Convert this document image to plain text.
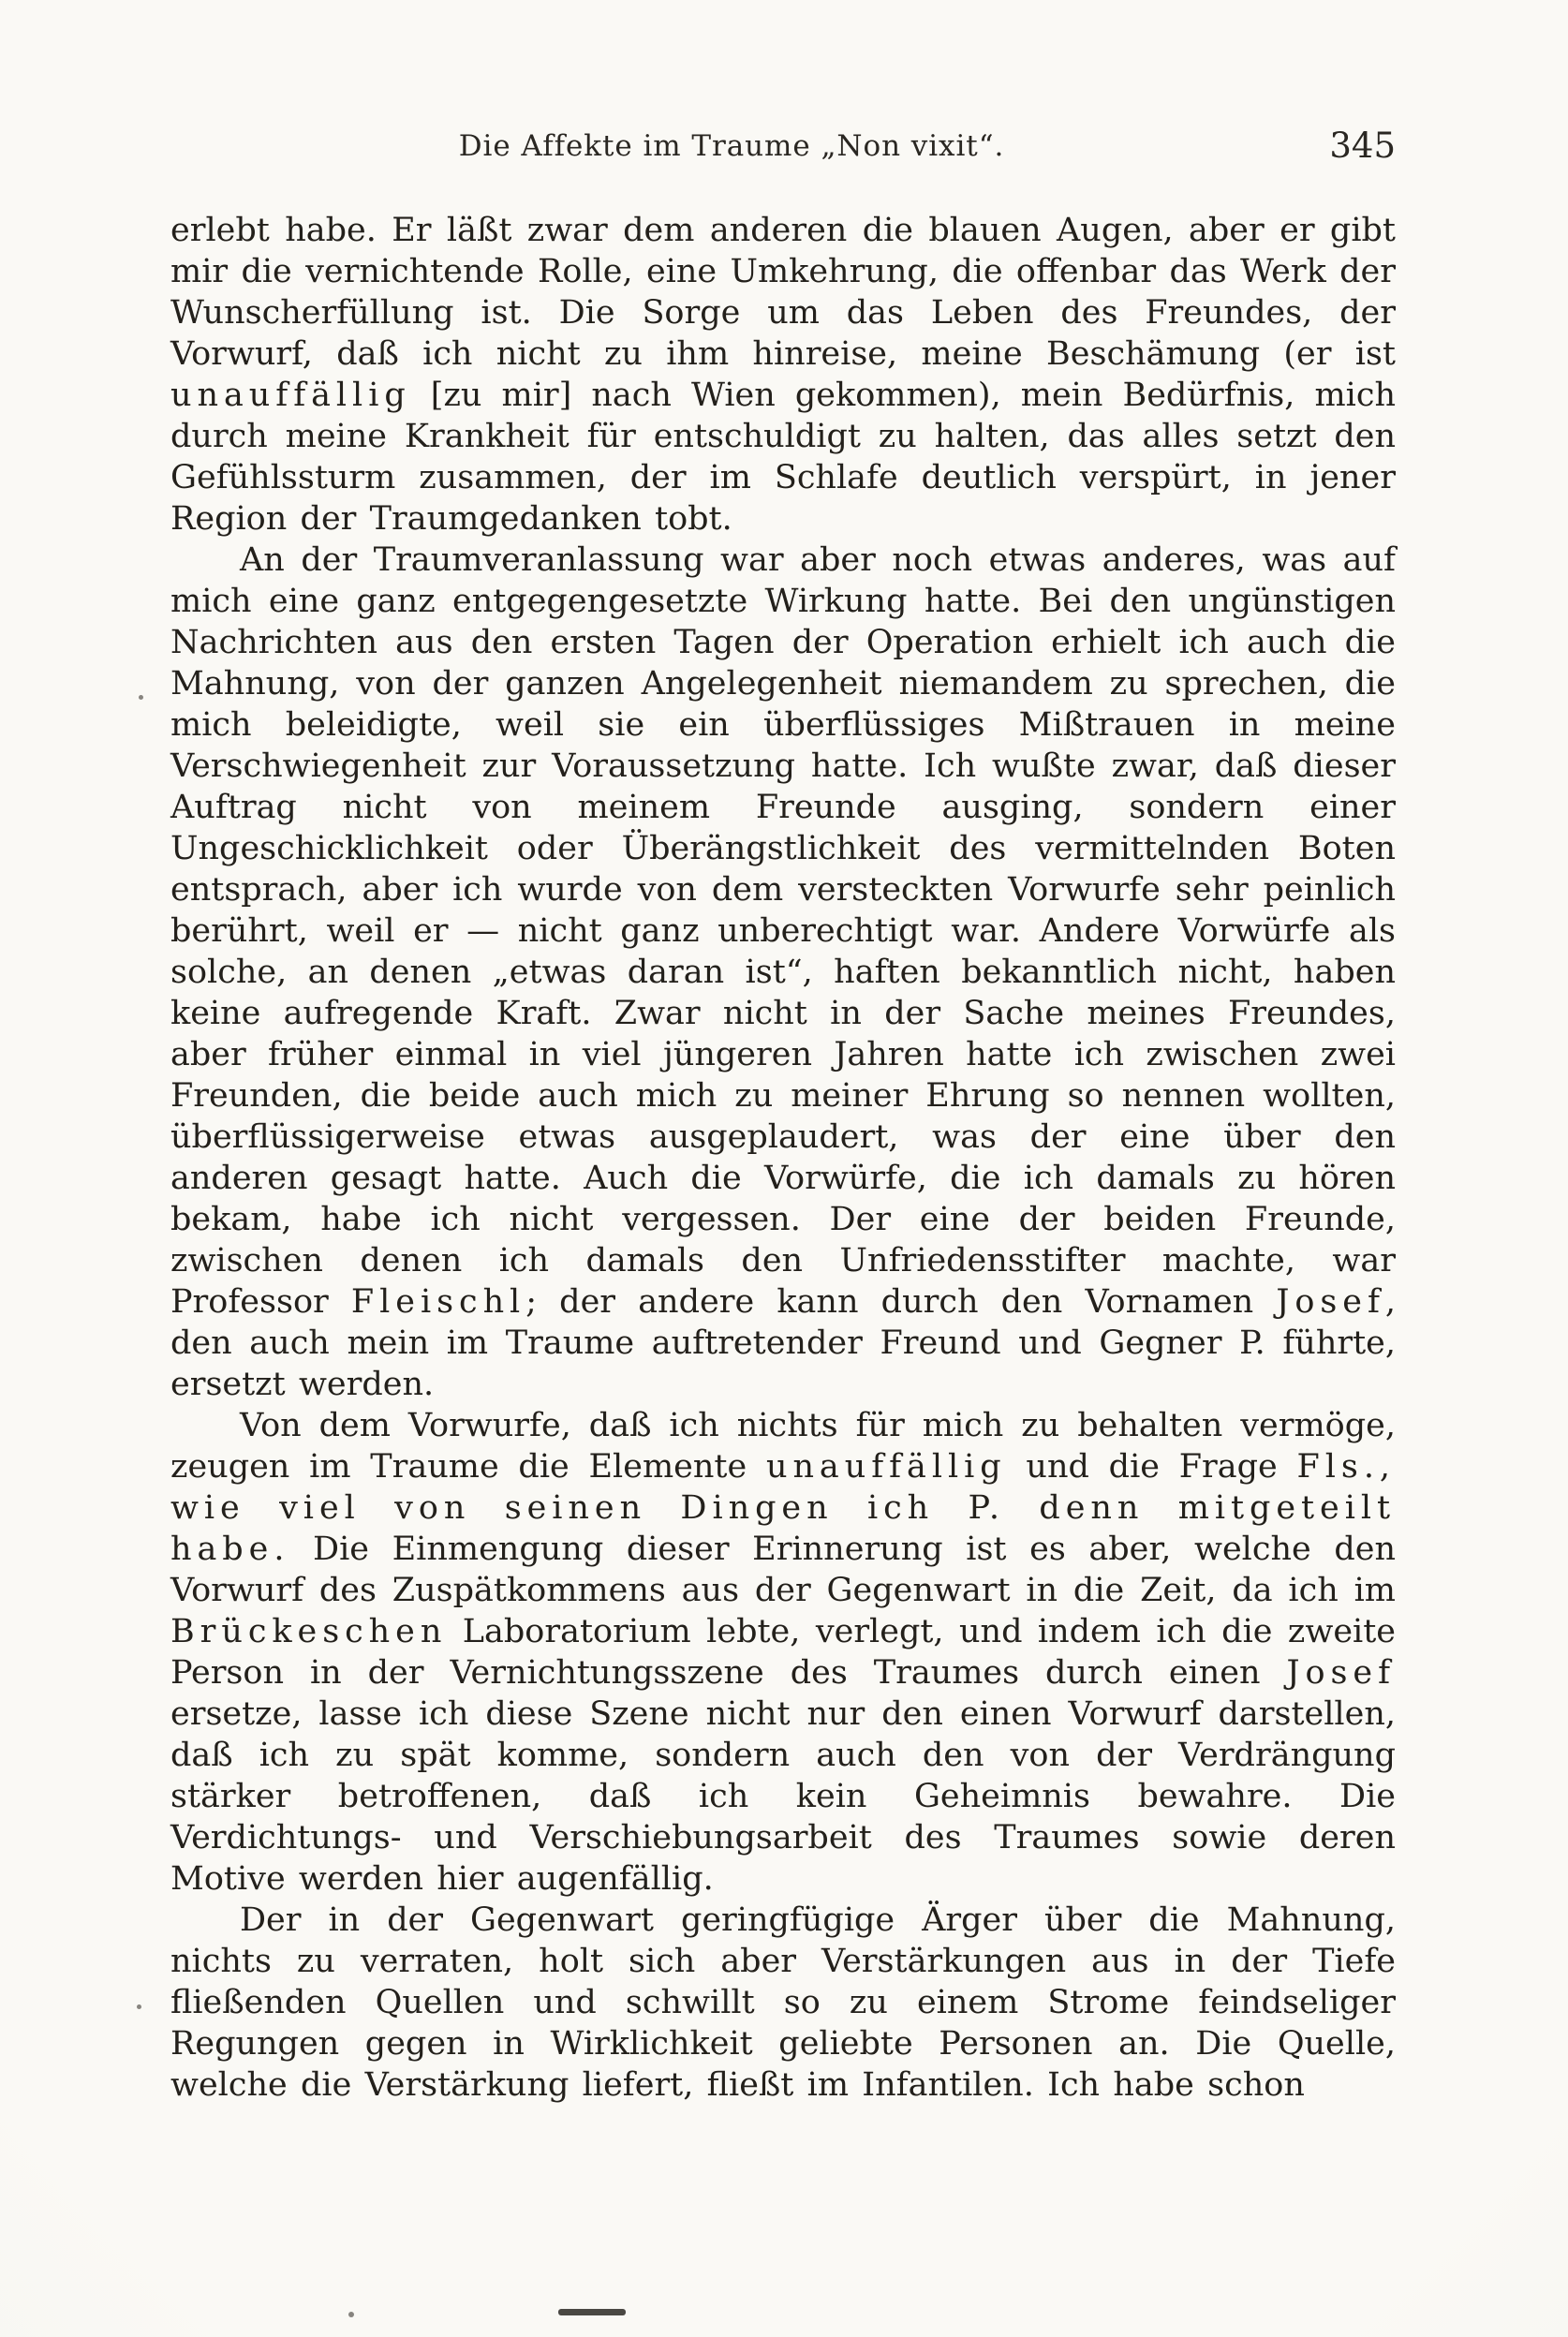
Die Affekte im Traume „Non vixit“.	345

erlebt habe. Er läßt zwar dem anderen die blauen Augen, aber er gibt mir die vernichtende Rolle, eine Umkehrung, die offenbar das Werk der Wunscherfüllung ist. Die Sorge um das Leben des Freundes, der Vorwurf, daß ich nicht zu ihm hinreise, meine Beschämung (er ist unauffällig [zu mir] nach Wien gekommen), mein Bedürfnis, mich durch meine Krankheit für entschuldigt zu halten, das alles setzt den Gefühlssturm zusammen, der im Schlafe deutlich verspürt, in jener Region der Traumgedanken tobt.

An der Traumveranlassung war aber noch etwas anderes, was auf mich eine ganz entgegengesetzte Wirkung hatte. Bei den ungünstigen Nachrichten aus den ersten Tagen der Operation erhielt ich auch die Mahnung, von der ganzen Angelegenheit niemandem zu sprechen, die mich beleidigte, weil sie ein überflüssiges Mißtrauen in meine Verschwiegenheit zur Voraussetzung hatte. Ich wußte zwar, daß dieser Auftrag nicht von meinem Freunde ausging, sondern einer Ungeschicklichkeit oder Überängstlichkeit des vermittelnden Boten entsprach, aber ich wurde von dem versteckten Vorwurfe sehr peinlich berührt, weil er — nicht ganz unberechtigt war. Andere Vorwürfe als solche, an denen „etwas daran ist“, haften bekanntlich nicht, haben keine aufregende Kraft. Zwar nicht in der Sache meines Freundes, aber früher einmal in viel jüngeren Jahren hatte ich zwischen zwei Freunden, die beide auch mich zu meiner Ehrung so nennen wollten, überflüssigerweise etwas ausgeplaudert, was der eine über den anderen gesagt hatte. Auch die Vorwürfe, die ich damals zu hören bekam, habe ich nicht vergessen. Der eine der beiden Freunde, zwischen denen ich damals den Unfriedensstifter machte, war Professor Fleischl; der andere kann durch den Vornamen Josef, den auch mein im Traume auftretender Freund und Gegner P. führte, ersetzt werden.

Von dem Vorwurfe, daß ich nichts für mich zu behalten vermöge, zeugen im Traume die Elemente unauffällig und die Frage Fls., wie viel von seinen Dingen ich P. denn mitgeteilt habe. Die Einmengung dieser Erinnerung ist es aber, welche den Vorwurf des Zuspätkommens aus der Gegenwart in die Zeit, da ich im Brückeschen Laboratorium lebte, verlegt, und indem ich die zweite Person in der Vernichtungsszene des Traumes durch einen Josef ersetze, lasse ich diese Szene nicht nur den einen Vorwurf darstellen, daß ich zu spät komme, sondern auch den von der Verdrängung stärker betroffenen, daß ich kein Geheimnis bewahre. Die Verdichtungs- und Verschiebungsarbeit des Traumes sowie deren Motive werden hier augenfällig.

Der in der Gegenwart geringfügige Ärger über die Mahnung, nichts zu verraten, holt sich aber Verstärkungen aus in der Tiefe fließenden Quellen und schwillt so zu einem Strome feindseliger Regungen gegen in Wirklichkeit geliebte Personen an. Die Quelle, welche die Verstärkung liefert, fließt im Infantilen. Ich habe schon
